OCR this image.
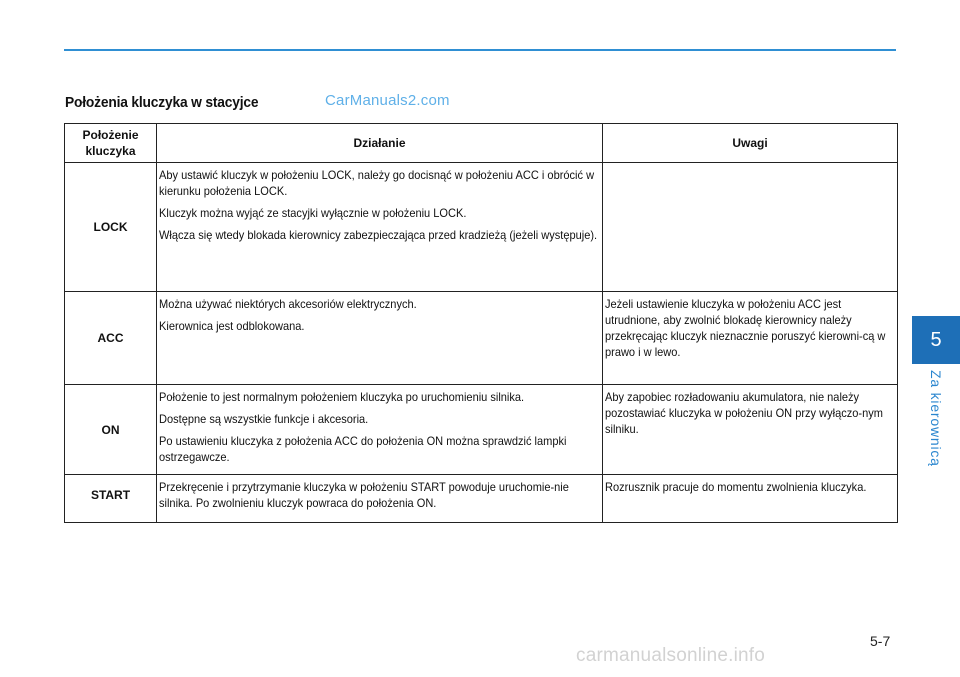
Położenia kluczyka w stacyjce	CarManuals2.com
Położenie kluczyka	Działanie	Uwagi
LOCK	Aby ustawić kluczyk w położeniu LOCK, należy go docisnąć w położeniu ACC i obrócić w kierunku położenia LOCK.

Kluczyk można wyjąć ze stacyjki wyłącznie w położeniu LOCK.

Włącza się wtedy blokada kierownicy zabezpieczająca przed kradzieżą (jeżeli występuje).	

ACC	Można używać niektórych akcesoriów elektrycznych.

Kierownica jest odblokowana.	Jeżeli ustawienie kluczyka w położeniu ACC jest utrudnione, aby zwolnić blokadę kierownicy należy przekręcając kluczyk nieznacznie poruszyć kierowni-cą w prawo i w lewo.

ON	Położenie to jest normalnym położeniem kluczyka po uruchomieniu silnika.

Dostępne są wszystkie funkcje i akcesoria.

Po ustawieniu kluczyka z położenia ACC do położenia ON można sprawdzić lampki ostrzegawcze.	Aby zapobiec rozładowaniu akumulatora, nie należy pozostawiać kluczyka w położeniu ON przy wyłączo-nym silniku.

START	Przekręcenie i przytrzymanie kluczyka w położeniu START powoduje uruchomie-nie silnika. Po zwolnieniu kluczyk powraca do położenia ON.	Rozrusznik pracuje do momentu zwolnienia kluczyka.

5
Za kierownicą
5-7
carmanualsonline.info
